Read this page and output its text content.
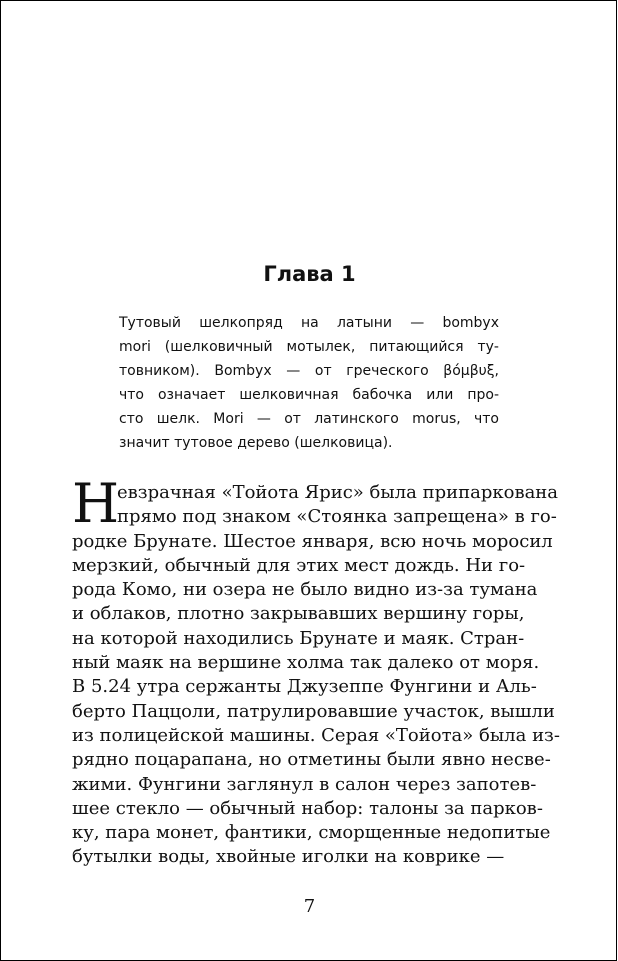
Глава 1
Тутовый шелкопряд на латыни — bombyx
mori (шелковичный мотылек, питающийся ту-
товником). Bombyx — от греческого βόμβυξ,
что означает шелковичная бабочка или про-
сто шелк. Mori — от латинского morus, что
значит тутовое дерево (шелковица).
Н
евзрачная «Тойота Ярис» была припаркована
прямо под знаком «Стоянка запрещена» в го-
родке Брунате. Шестое января, всю ночь моросил
мерзкий, обычный для этих мест дождь. Ни го-
рода Комо, ни озера не было видно из-за тумана
и облаков, плотно закрывавших вершину горы,
на которой находились Брунате и маяк. Стран-
ный маяк на вершине холма так далеко от моря.
В 5.24 утра сержанты Джузеппе Фунгини и Аль-
берто Паццоли, патрулировавшие участок, вышли
из полицейской машины. Серая «Тойота» была из-
рядно поцарапана, но отметины были явно несве-
жими. Фунгини заглянул в салон через запотев-
шее стекло — обычный набор: талоны за парков-
ку, пара монет, фантики, сморщенные недопитые
бутылки воды, хвойные иголки на коврике —
7
